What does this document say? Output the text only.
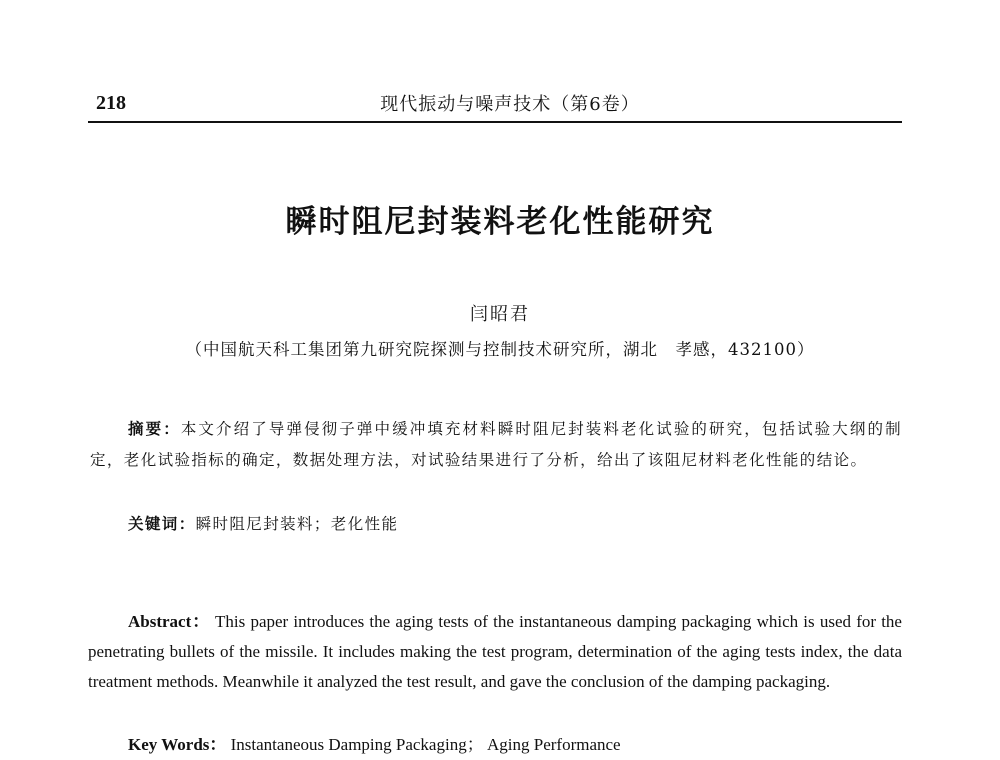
218	现代振动与噪声技术（第6卷）
瞬时阻尼封装料老化性能研究
闫昭君
（中国航天科工集团第九研究院探测与控制技术研究所，湖北　孝感，432100）

摘要：本文介绍了导弹侵彻子弹中缓冲填充材料瞬时阻尼封装料老化试验的研究，包括试验大纲的制定，老化试验指标的确定，数据处理方法，对试验结果进行了分析，给出了该阻尼材料老化性能的结论。

关键词：瞬时阻尼封装料；老化性能

Abstract： This paper introduces the aging tests of the instantaneous damping packaging which is used for the penetrating bullets of the missile. It includes making the test program, determination of the aging tests index, the data treatment methods. Meanwhile it analyzed the test result, and gave the conclusion of the damping packaging.

Key Words： Instantaneous Damping Packaging； Aging Performance
